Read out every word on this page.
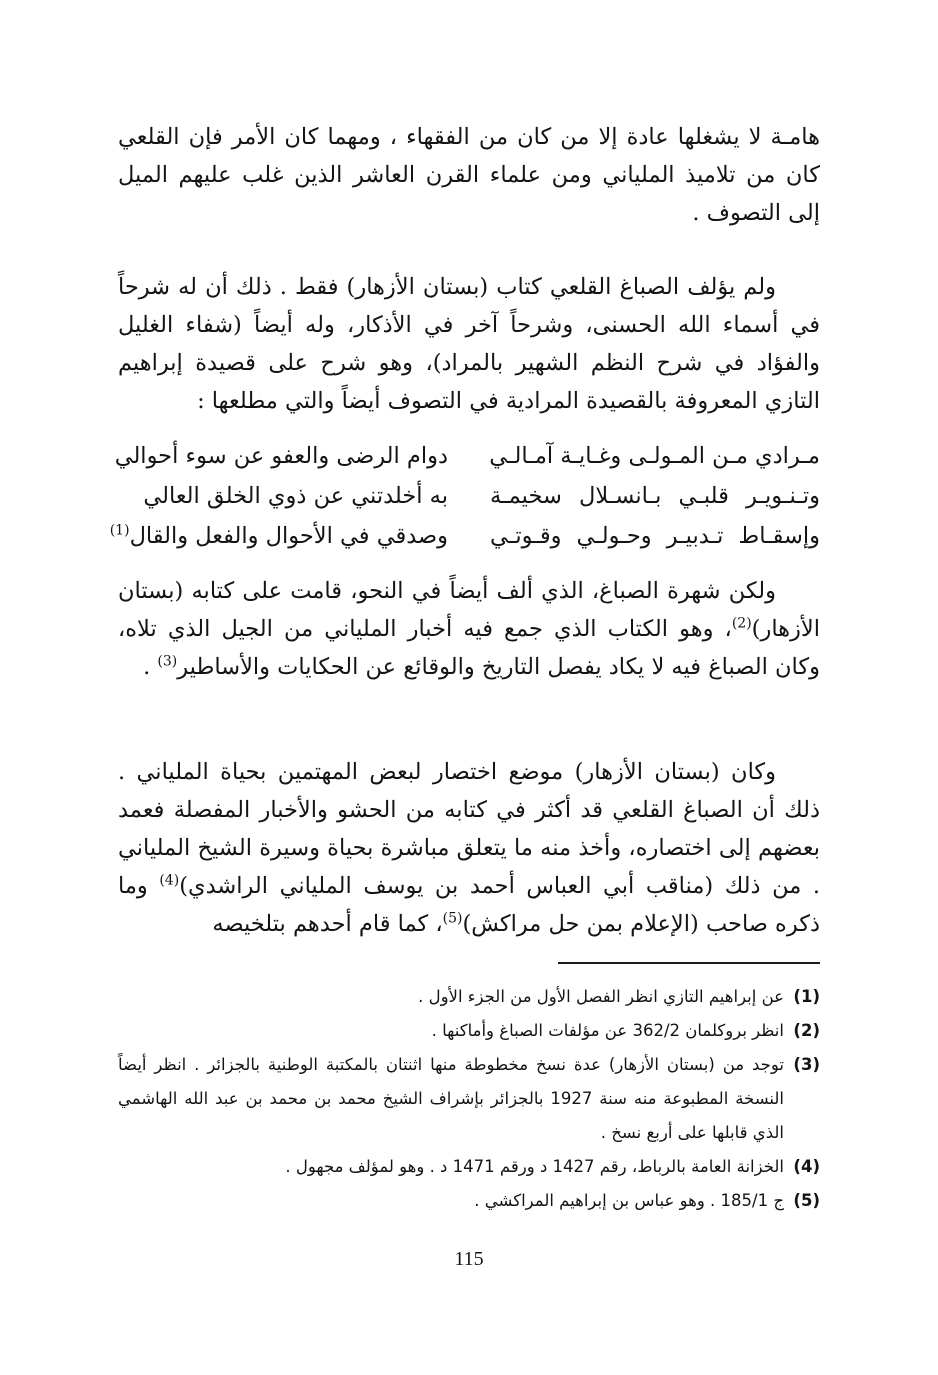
هامـة لا يشغلها عادة إلا من كان من الفقهاء ، ومهما كان الأمر فإن القلعي كان من تلاميذ الملياني ومن علماء القرن العاشر الذين غلب عليهم الميل إلى التصوف .

ولم يؤلف الصباغ القلعي كتاب (بستان الأزهار) فقط . ذلك أن له شرحاً في أسماء الله الحسنى، وشرحاً آخر في الأذكار، وله أيضاً (شفاء الغليل والفؤاد في شرح النظم الشهير بالمراد)، وهو شرح على قصيدة إبراهيم التازي المعروفة بالقصيدة المرادية في التصوف أيضاً والتي مطلعها :

مـرادي مـن المـولـى وغـايـة آمـالـي
دوام الرضى والعفو عن سوء أحوالي
وتـنـويـر قلبـي بـانسـلال سخيمـة
به أخلدتني عن ذوي الخلق العالي
وإسقـاط تـدبيـر وحـولـي وقـوتـي
وصدقي في الأحوال والفعل والقال$^{(1)}$

ولكن شهرة الصباغ، الذي ألف أيضاً في النحو، قامت على كتابه (بستان الأزهار)$^{(2)}$، وهو الكتاب الذي جمع فيه أخبار الملياني من الجيل الذي تلاه، وكان الصباغ فيه لا يكاد يفصل التاريخ والوقائع عن الحكايات والأساطير$^{(3)}$ .

وكان (بستان الأزهار) موضع اختصار لبعض المهتمين بحياة الملياني . ذلك أن الصباغ القلعي قد أكثر في كتابه من الحشو والأخبار المفصلة فعمد بعضهم إلى اختصاره، وأخذ منه ما يتعلق مباشرة بحياة وسيرة الشيخ الملياني . من ذلك (مناقب أبي العباس أحمد بن يوسف الملياني الراشدي)$^{(4)}$ وما ذكره صاحب (الإعلام بمن حل مراكش)$^{(5)}$، كما قام أحدهم بتلخيصه

(1)
عن إبراهيم التازي انظر الفصل الأول من الجزء الأول .
(2)
انظر بروكلمان 362/2 عن مؤلفات الصباغ وأماكنها .
(3)
توجد من (بستان الأزهار) عدة نسخ مخطوطة منها اثنتان بالمكتبة الوطنية بالجزائر . انظر أيضاً النسخة المطبوعة منه سنة 1927 بالجزائر بإشراف الشيخ محمد بن محمد بن عبد الله الهاشمي الذي قابلها على أربع نسخ .
(4)
الخزانة العامة بالرباط، رقم 1427 د ورقم 1471 د . وهو لمؤلف مجهول .
(5)
ج 185/1 . وهو عباس بن إبراهيم المراكشي .
115
